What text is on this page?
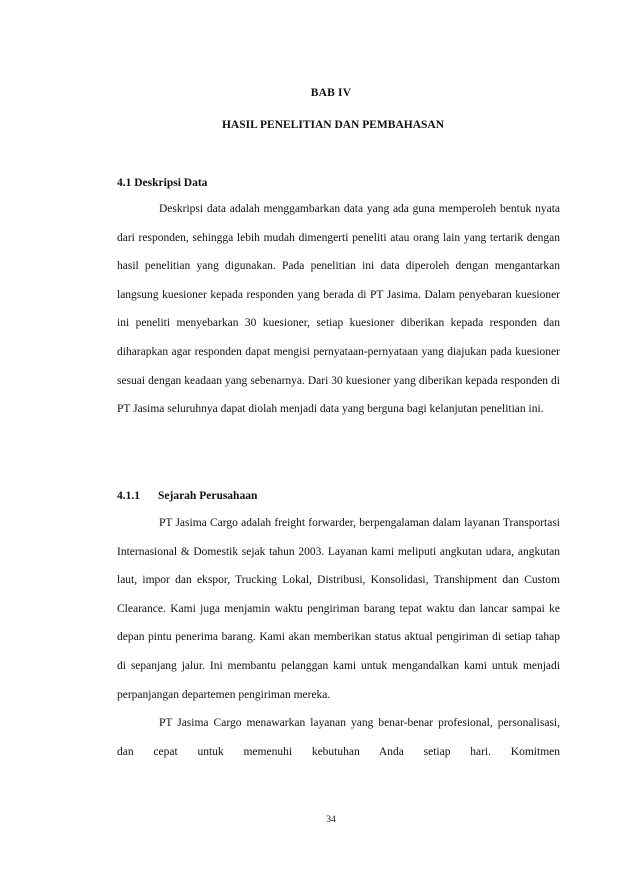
BAB IV
HASIL PENELITIAN DAN PEMBAHASAN
4.1 Deskripsi Data

Deskripsi data adalah menggambarkan data yang ada guna memperoleh bentuk nyata dari responden, sehingga lebih mudah dimengerti peneliti atau orang lain yang tertarik dengan hasil penelitian yang digunakan. Pada penelitian ini data diperoleh dengan mengantarkan langsung kuesioner kepada responden yang berada di PT Jasima. Dalam penyebaran kuesioner ini peneliti menyebarkan 30 kuesioner, setiap kuesioner diberikan kepada responden dan diharapkan agar responden dapat mengisi pernyataan-pernyataan yang diajukan pada kuesioner sesuai dengan keadaan yang sebenarnya. Dari 30 kuesioner yang diberikan kepada responden di PT Jasima seluruhnya dapat diolah menjadi data yang berguna bagi kelanjutan penelitian ini.

4.1.1 Sejarah Perusahaan

PT Jasima Cargo adalah freight forwarder, berpengalaman dalam layanan Transportasi Internasional & Domestik sejak tahun 2003. Layanan kami meliputi angkutan udara, angkutan laut, impor dan ekspor, Trucking Lokal, Distribusi, Konsolidasi, Transhipment dan Custom Clearance. Kami juga menjamin waktu pengiriman barang tepat waktu dan lancar sampai ke depan pintu penerima barang. Kami akan memberikan status aktual pengiriman di setiap tahap di sepanjang jalur. Ini membantu pelanggan kami untuk mengandalkan kami untuk menjadi perpanjangan departemen pengiriman mereka.

PT Jasima Cargo menawarkan layanan yang benar-benar profesional, personalisasi, dan cepat untuk memenuhi kebutuhan Anda setiap hari. Komitmen

34
